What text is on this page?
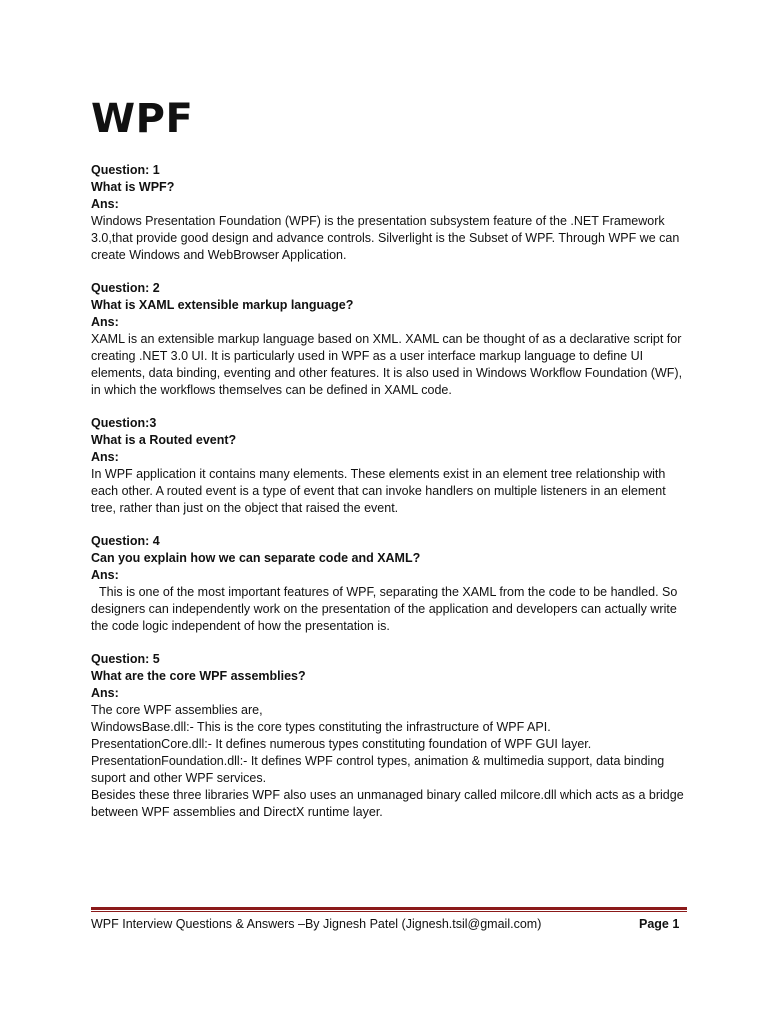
WPF

Question: 1

What is WPF?

Ans:

Windows Presentation Foundation (WPF) is the presentation subsystem feature of the .NET Framework 3.0,that provide good design and advance controls. Silverlight is the Subset of WPF. Through WPF we can create Windows and WebBrowser Application.

Question: 2

What is XAML extensible markup language?

Ans:

XAML is an extensible markup language based on XML. XAML can be thought of as a declarative script for creating .NET 3.0 UI. It is particularly used in WPF as a user interface markup language to define UI elements, data binding, eventing and other features. It is also used in Windows Workflow Foundation (WF), in which the workflows themselves can be defined in XAML code.

Question:3

What is a Routed event?

Ans:

In WPF application it contains many elements. These elements exist in an element tree relationship with each other. A routed event is a type of event that can invoke handlers on multiple listeners in an element tree, rather than just on the object that raised the event.

Question: 4

Can you explain how we can separate code and XAML?

Ans:

This is one of the most important features of WPF, separating the XAML from the code to be handled. So designers can independently work on the presentation of the application and developers can actually write the code logic independent of how the presentation is.

Question: 5

What are the core WPF assemblies?

Ans:

The core WPF assemblies are,

WindowsBase.dll:- This is the core types constituting the infrastructure of WPF API.

PresentationCore.dll:- It defines numerous types constituting foundation of WPF GUI layer.

PresentationFoundation.dll:- It defines WPF control types, animation & multimedia support, data binding suport and other WPF services.

Besides these three libraries WPF also uses an unmanaged binary called milcore.dll which acts as a bridge between WPF assemblies and DirectX runtime layer.

WPF Interview Questions & Answers –By Jignesh Patel (Jignesh.tsil@gmail.com)	Page 1
